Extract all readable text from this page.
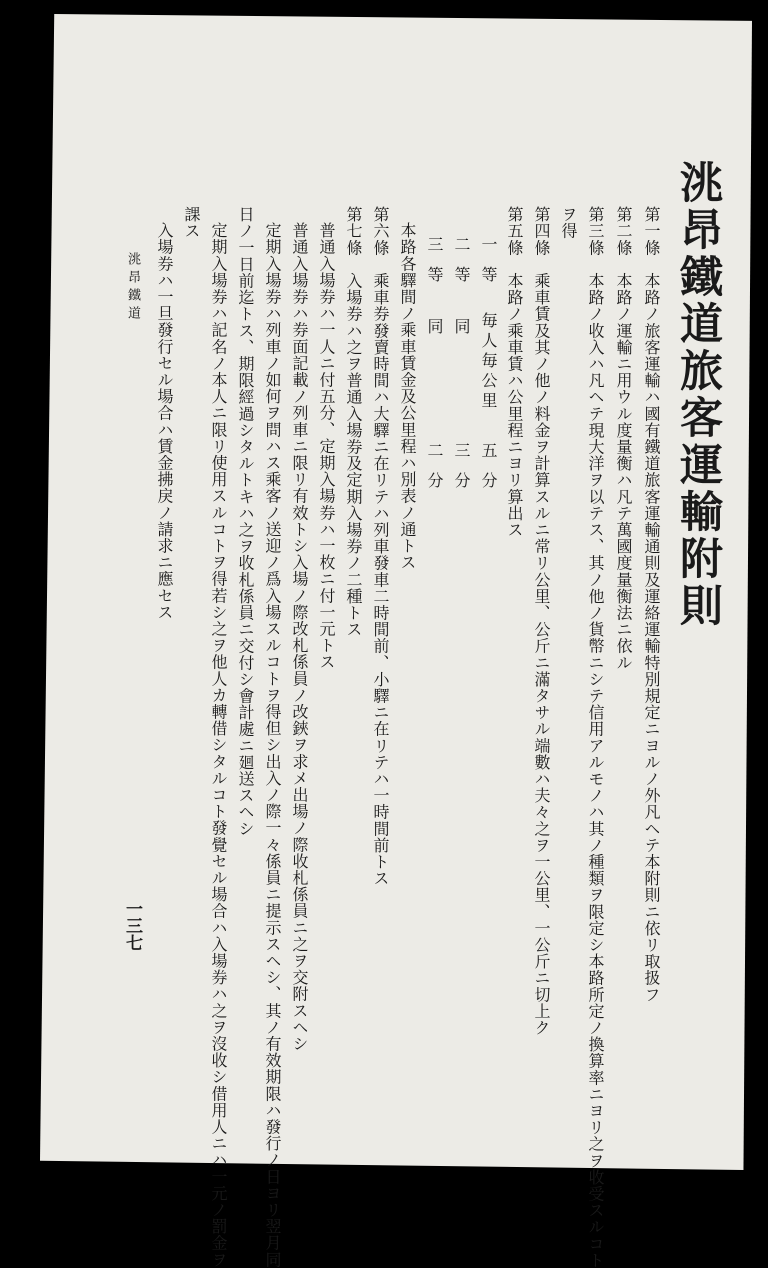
洮昂鐵道旅客運輸附則
第一條　本路ノ旅客運輸ハ國有鐵道旅客運輸通則及運絡運輸特別規定ニヨルノ外凡ヘテ本附則ニ依リ取扱フ
第二條　本路ノ運輸ニ用ウル度量衡ハ凡テ萬國度量衡法ニ依ル
第三條　本路ノ收入ハ凡ヘテ現大洋ヲ以テス、其ノ他ノ貨幣ニシテ信用アルモノハ其ノ種類ヲ限定シ本路所定ノ換算率ニヨリ之ヲ收受スルコト
ヲ得
第四條　乘車賃及其ノ他ノ料金ヲ計算スルニ常リ公里、公斤ニ滿タサル端數ハ夫々之ヲ一公里、一公斤ニ切上ク
第五條　本路ノ乘車賃ハ公里程ニヨリ算出ス
一等
毎人毎公里
五分
二等
同
三分
三等
同
二分
本路各驛間ノ乘車賃金及公里程ハ別表ノ通トス
第六條　乘車券發賣時間ハ大驛ニ在リテハ列車發車二時間前、小驛ニ在リテハ一時間前トス
第七條　入場券ハ之ヲ普通入場券及定期入場券ノ二種トス
普通入場券ハ一人ニ付五分、定期入場券ハ一枚ニ付一元トス
普通入場券ハ券面記載ノ列車ニ限リ有效トシ入場ノ際改札係員ノ改鋏ヲ求メ出場ノ際收札係員ニ之ヲ交附スヘシ
定期入場券ハ列車ノ如何ヲ問ハス乘客ノ送迎ノ爲入場スルコトヲ得但シ出入ノ際一々係員ニ提示スヘシ、其ノ有效期限ハ發行ノ日ヨリ翌月同
日ノ一日前迄トス、期限經過シタルトキハ之ヲ收札係員ニ交付シ會計處ニ廻送スヘシ
定期入場券ハ記名ノ本人ニ限リ使用スルコトヲ得若シ之ヲ他人カ轉借シタルコト發覺セル場合ハ入場券ハ之ヲ沒收シ借用人ニハ一元ノ罰金ヲ
課ス
入場券ハ一旦發行セル場合ハ賃金拂戾ノ請求ニ應セス
洮昂鐵道
一三七
